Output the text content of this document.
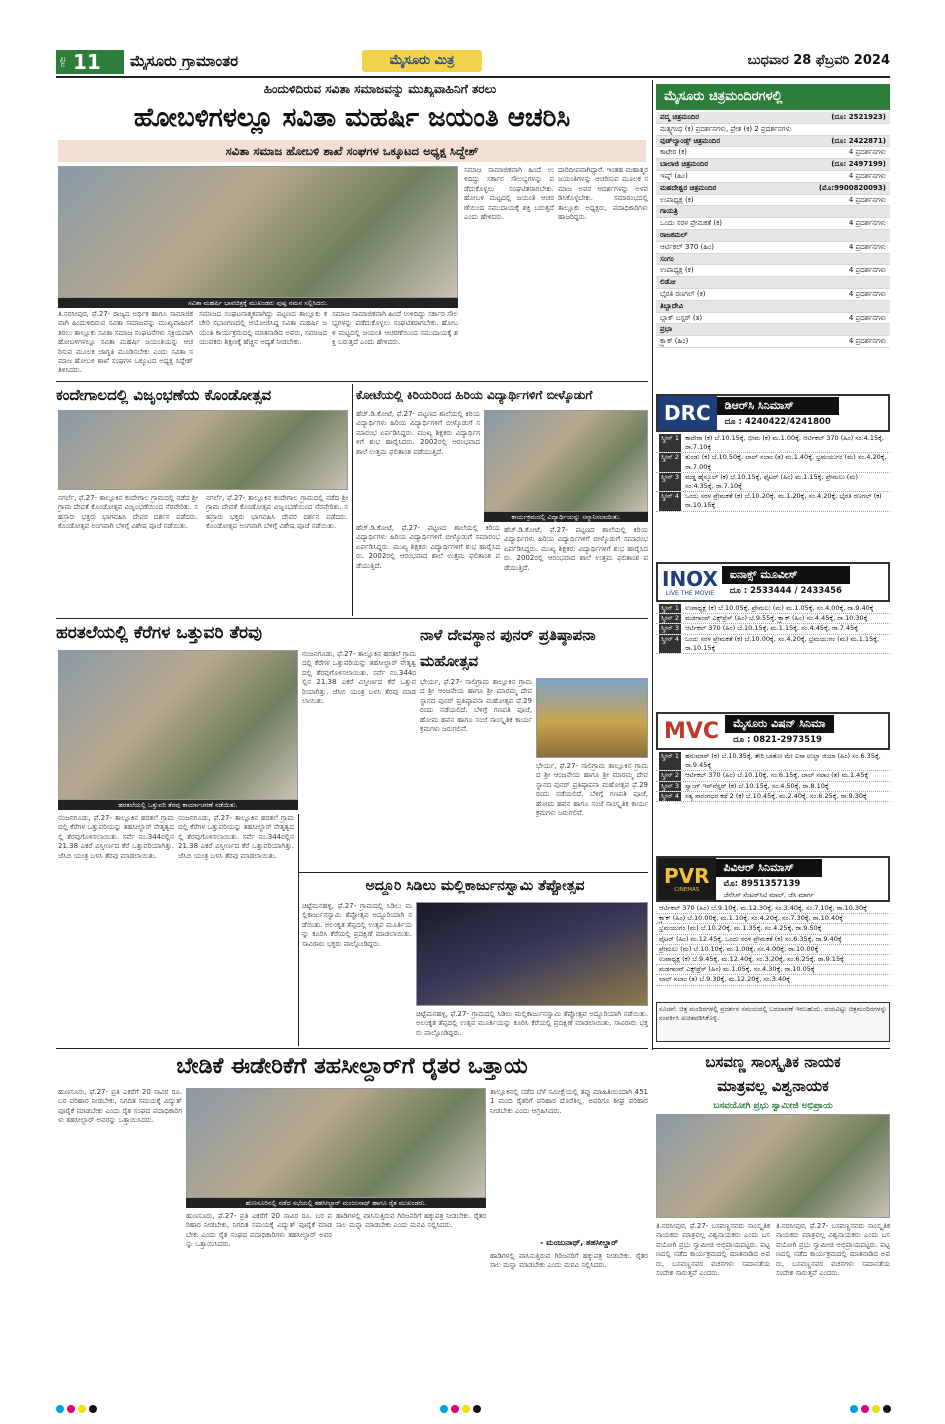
ಪುಟ 11 ಮೈಸೂರು ಗ್ರಾಮಾಂತರ	ಮೈಸೂರು ಮಿತ್ರ	ಬುಧವಾರ 28 ಫೆಬ್ರವರಿ 2024
ಹಿಂದುಳಿದಿರುವ ಸವಿತಾ ಸಮಾಜವನ್ನು ಮುಖ್ಯವಾಹಿನಿಗೆ ತರಲು
ಹೋಬಳಿಗಳಲ್ಲೂ ಸವಿತಾ ಮಹರ್ಷಿ ಜಯಂತಿ ಆಚರಿಸಿ
ಸವಿತಾ ಸಮಾಜ ಹೋಬಳಿ ಶಾಖೆ ಸಂಘಗಳ ಒಕ್ಕೂಟದ ಅಧ್ಯಕ್ಷ ಸಿದ್ದೇಶ್
ಸವಿತಾ ಮಹರ್ಷಿ ಭಾವಚಿತ್ರಕ್ಕೆ ಮುಖಂಡರು ಪುಷ್ಪ ನಮನ ಸಲ್ಲಿಸಿದರು.
ತಿ.ನರಸೀಪುರ, ಫೆ.27- ರಾಜ್ಯದ ಅರ್ಥಿಕ ಹಾಗೂ ಸಾಮಾಜಿಕವಾಗಿ ಹಿಂದುಳಿದಿರುವ ಸವಿತಾ ಸಮಾಜವನ್ನು ಮುಖ್ಯವಾಹಿನಿಗೆ ತರಲು ತಾಲ್ಲೂಕು ಸವಿತಾ ಸಮಾಜ ಸಂಘಟನೆಗಳು ಸಕ್ರಿಯವಾಗಿ ಹೋಬಳಿಗಳಲ್ಲೂ ಸವಿತಾ ಮಹರ್ಷಿ ಜಯಂತಿಯನ್ನು ಆಚರಿಸುವ ಮೂಲಕ ಜಾಗೃತಿ ಮೂಡಿಸಬೇಕು ಎಂದು ಸವಿತಾ ಸಮಾಜ ಹೋಬಳಿ ಶಾಖೆ ಸಂಘಗಳ ಒಕ್ಕೂಟದ ಅಧ್ಯಕ್ಷ ಸಿದ್ದೇಶ್ ತಿಳಿಸಿದರು.
ಸಮಾಜದ ಸಂಘಟನಾತ್ಮಕವಾಗಿದ್ದು ಪಟ್ಟಣದ ತಾಲ್ಲೂಕು ಕಚೇರಿ ಸಭಾಂಗಣದಲ್ಲಿ ಆಯೋಜಿಸಿದ್ದ ಸವಿತಾ ಮಹರ್ಷಿ ಜಯಂತಿ ಕಾರ್ಯಕ್ರಮದಲ್ಲಿ ಮಾತನಾಡಿದ ಅವರು, ಸಮಾಜದ ಯುವಕರು ಶಿಕ್ಷಣಕ್ಕೆ ಹೆಚ್ಚಿನ ಆದ್ಯತೆ ನೀಡಬೇಕು.
ಸಮಾಜ ಸಾಮಾಜಿಕವಾಗಿ ಹಿಂದೆ ಉಳಿದಿದ್ದು ಸರ್ಕಾರ ಸೌಲಭ್ಯಗಳನ್ನು ಪಡೆದುಕೊಳ್ಳಲು ಸಂಘಟಿತರಾಗಬೇಕು. ಹೋಬಳಿ ಮಟ್ಟದಲ್ಲಿ ಜಯಂತಿ ಆಚರಣೆಯಿಂದ ಸಮುದಾಯಕ್ಕೆ ಶಕ್ತಿ ಬರುತ್ತದೆ ಎಂದು ಹೇಳಿದರು.
ಸಮಾಜ ಸಾಮಾಜಿಕವಾಗಿ ಹಿಂದೆ ಉಳಿದಿದ್ದು ಸರ್ಕಾರ ಸೌಲಭ್ಯಗಳನ್ನು ಪಡೆದುಕೊಳ್ಳಲು ಸಂಘಟಿತರಾಗಬೇಕು. ಹೋಬಳಿ ಮಟ್ಟದಲ್ಲಿ ಜಯಂತಿ ಆಚರಣೆಯಿಂದ ಸಮುದಾಯಕ್ಕೆ ಶಕ್ತಿ ಬರುತ್ತದೆ ಎಂದು ಹೇಳಿದರು.
ದಾರಿದೀಪವಾಗಿದ್ದಾರೆ. ಇಂತಹ ಮಹಾತ್ಮರ ಜಯಂತಿಗಳನ್ನು ಆಚರಿಸುವ ಮೂಲಕ ಸಮಾಜ ಅವರ ಆದರ್ಶಗಳನ್ನು ಅಳವಡಿಸಿಕೊಳ್ಳಬೇಕು. ಸಮಾರಂಭದಲ್ಲಿ ತಾಲ್ಲೂಕು ಅಧ್ಯಕ್ಷರು, ಪದಾಧಿಕಾರಿಗಳು ಹಾಜರಿದ್ದರು.
ಕಂದೇಗಾಲದಲ್ಲಿ ವಿಜೃಂಭಣೆಯ ಕೊಂಡೋತ್ಸವ
ನಗರ್ಲೆ, ಫೆ.27- ತಾಲ್ಲೂಕಿನ ಕಂದೇಗಾಲ ಗ್ರಾಮದಲ್ಲಿ ನಡೆದ ಶ್ರೀ ಗ್ರಾಮ ದೇವತೆ ಕೊಂಡೋತ್ಸವ ವಿಜೃಂಭಣೆಯಿಂದ ನೆರವೇರಿತು. ಸಹಸ್ರಾರು ಭಕ್ತರು ಭಾಗವಹಿಸಿ ದೇವರ ದರ್ಶನ ಪಡೆದರು. ಕೊಂಡೋತ್ಸವ ಅಂಗವಾಗಿ ಬೆಳಿಗ್ಗೆ ವಿಶೇಷ ಪೂಜೆ ನಡೆಯಿತು.
ನಗರ್ಲೆ, ಫೆ.27- ತಾಲ್ಲೂಕಿನ ಕಂದೇಗಾಲ ಗ್ರಾಮದಲ್ಲಿ ನಡೆದ ಶ್ರೀ ಗ್ರಾಮ ದೇವತೆ ಕೊಂಡೋತ್ಸವ ವಿಜೃಂಭಣೆಯಿಂದ ನೆರವೇರಿತು. ಸಹಸ್ರಾರು ಭಕ್ತರು ಭಾಗವಹಿಸಿ ದೇವರ ದರ್ಶನ ಪಡೆದರು. ಕೊಂಡೋತ್ಸವ ಅಂಗವಾಗಿ ಬೆಳಿಗ್ಗೆ ವಿಶೇಷ ಪೂಜೆ ನಡೆಯಿತು.
ಕೋಟೆಯಲ್ಲಿ ಕಿರಿಯರಿಂದ ಹಿರಿಯ ವಿದ್ಯಾರ್ಥಿಗಳಿಗೆ ಬೀಳ್ಕೊಡುಗೆ
ಹೆಚ್.ಡಿ.ಕೋಟೆ, ಫೆ.27- ಪಟ್ಟಣದ ಶಾಲೆಯಲ್ಲಿ ಕಿರಿಯ ವಿದ್ಯಾರ್ಥಿಗಳು ಹಿರಿಯ ವಿದ್ಯಾರ್ಥಿಗಳಿಗೆ ಬೀಳ್ಕೊಡುಗೆ ಸಮಾರಂಭ ಏರ್ಪಡಿಸಿದ್ದರು. ಮುಖ್ಯ ಶಿಕ್ಷಕರು ವಿದ್ಯಾರ್ಥಿಗಳಿಗೆ ಶುಭ ಹಾರೈಸಿದರು. 2002ರಲ್ಲಿ ಆರಂಭವಾದ ಶಾಲೆ ಉತ್ತಮ ಫಲಿತಾಂಶ ಪಡೆಯುತ್ತಿದೆ.
ಕಾರ್ಯಕ್ರಮದಲ್ಲಿ ವಿದ್ಯಾರ್ಥಿಯನ್ನು ಸನ್ಮಾನಿಸಲಾಯಿತು.
ಹೆಚ್.ಡಿ.ಕೋಟೆ, ಫೆ.27- ಪಟ್ಟಣದ ಶಾಲೆಯಲ್ಲಿ ಕಿರಿಯ ವಿದ್ಯಾರ್ಥಿಗಳು ಹಿರಿಯ ವಿದ್ಯಾರ್ಥಿಗಳಿಗೆ ಬೀಳ್ಕೊಡುಗೆ ಸಮಾರಂಭ ಏರ್ಪಡಿಸಿದ್ದರು. ಮುಖ್ಯ ಶಿಕ್ಷಕರು ವಿದ್ಯಾರ್ಥಿಗಳಿಗೆ ಶುಭ ಹಾರೈಸಿದರು. 2002ರಲ್ಲಿ ಆರಂಭವಾದ ಶಾಲೆ ಉತ್ತಮ ಫಲಿತಾಂಶ ಪಡೆಯುತ್ತಿದೆ.
ಹೆಚ್.ಡಿ.ಕೋಟೆ, ಫೆ.27- ಪಟ್ಟಣದ ಶಾಲೆಯಲ್ಲಿ ಕಿರಿಯ ವಿದ್ಯಾರ್ಥಿಗಳು ಹಿರಿಯ ವಿದ್ಯಾರ್ಥಿಗಳಿಗೆ ಬೀಳ್ಕೊಡುಗೆ ಸಮಾರಂಭ ಏರ್ಪಡಿಸಿದ್ದರು. ಮುಖ್ಯ ಶಿಕ್ಷಕರು ವಿದ್ಯಾರ್ಥಿಗಳಿಗೆ ಶುಭ ಹಾರೈಸಿದರು. 2002ರಲ್ಲಿ ಆರಂಭವಾದ ಶಾಲೆ ಉತ್ತಮ ಫಲಿತಾಂಶ ಪಡೆಯುತ್ತಿದೆ.
ಹರತಲೆಯಲ್ಲಿ ಕೆರೆಗಳ ಒತ್ತುವರಿ ತೆರವು
ಹರತಲೆಯಲ್ಲಿ ಒತ್ತುವರಿ ತೆರವು ಕಾರ್ಯಾಚರಣೆ ನಡೆಯಿತು.
ನಂಜನಗೂಡು, ಫೆ.27- ತಾಲ್ಲೂಕಿನ ಹರತಲೆ ಗ್ರಾಮದಲ್ಲಿ ಕೆರೆಗಳ ಒತ್ತುವರಿಯನ್ನು ತಹಸೀಲ್ದಾರ್ ನೇತೃತ್ವದಲ್ಲಿ ತೆರವುಗೊಳಿಸಲಾಯಿತು. ಸರ್ವೆ ನಂ.344ರಲ್ಲಿನ 21.38 ಎಕರೆ ವಿಸ್ತೀರ್ಣದ ಕೆರೆ ಒತ್ತುವರಿಯಾಗಿತ್ತು. ಜೆಸಿಬಿ ಯಂತ್ರ ಬಳಸಿ ತೆರವು ಮಾಡಲಾಯಿತು.
ನಂಜನಗೂಡು, ಫೆ.27- ತಾಲ್ಲೂಕಿನ ಹರತಲೆ ಗ್ರಾಮದಲ್ಲಿ ಕೆರೆಗಳ ಒತ್ತುವರಿಯನ್ನು ತಹಸೀಲ್ದಾರ್ ನೇತೃತ್ವದಲ್ಲಿ ತೆರವುಗೊಳಿಸಲಾಯಿತು. ಸರ್ವೆ ನಂ.344ರಲ್ಲಿನ 21.38 ಎಕರೆ ವಿಸ್ತೀರ್ಣದ ಕೆರೆ ಒತ್ತುವರಿಯಾಗಿತ್ತು. ಜೆಸಿಬಿ ಯಂತ್ರ ಬಳಸಿ ತೆರವು ಮಾಡಲಾಯಿತು.
ನಂಜನಗೂಡು, ಫೆ.27- ತಾಲ್ಲೂಕಿನ ಹರತಲೆ ಗ್ರಾಮದಲ್ಲಿ ಕೆರೆಗಳ ಒತ್ತುವರಿಯನ್ನು ತಹಸೀಲ್ದಾರ್ ನೇತೃತ್ವದಲ್ಲಿ ತೆರವುಗೊಳಿಸಲಾಯಿತು. ಸರ್ವೆ ನಂ.344ರಲ್ಲಿನ 21.38 ಎಕರೆ ವಿಸ್ತೀರ್ಣದ ಕೆರೆ ಒತ್ತುವರಿಯಾಗಿತ್ತು. ಜೆಸಿಬಿ ಯಂತ್ರ ಬಳಸಿ ತೆರವು ಮಾಡಲಾಯಿತು.
ನಾಳೆ ದೇವಸ್ಥಾನ ಪುನರ್ ಪ್ರತಿಷ್ಠಾಪನಾ ಮಹೋತ್ಸವ
ಭೇರ್ಯ, ಫೆ.27- ಸಾಲಿಗ್ರಾಮ ತಾಲ್ಲೂಕಿನ ಗ್ರಾಮದ ಶ್ರೀ ಆಂಜನೇಯ ಹಾಗೂ ಶ್ರೀ ಮಾರಮ್ಮ ದೇವಸ್ಥಾನದ ಪುನರ್ ಪ್ರತಿಷ್ಠಾಪನಾ ಮಹೋತ್ಸವ ಫೆ.29ರಂದು ನಡೆಯಲಿದೆ. ಬೆಳಿಗ್ಗೆ ಗಣಪತಿ ಪೂಜೆ, ಹೋಮ ಹವನ ಹಾಗೂ ಸಂಜೆ ಸಾಂಸ್ಕೃತಿಕ ಕಾರ್ಯಕ್ರಮಗಳು ಜರುಗಲಿವೆ.
ಭೇರ್ಯ, ಫೆ.27- ಸಾಲಿಗ್ರಾಮ ತಾಲ್ಲೂಕಿನ ಗ್ರಾಮದ ಶ್ರೀ ಆಂಜನೇಯ ಹಾಗೂ ಶ್ರೀ ಮಾರಮ್ಮ ದೇವಸ್ಥಾನದ ಪುನರ್ ಪ್ರತಿಷ್ಠಾಪನಾ ಮಹೋತ್ಸವ ಫೆ.29ರಂದು ನಡೆಯಲಿದೆ. ಬೆಳಿಗ್ಗೆ ಗಣಪತಿ ಪೂಜೆ, ಹೋಮ ಹವನ ಹಾಗೂ ಸಂಜೆ ಸಾಂಸ್ಕೃತಿಕ ಕಾರ್ಯಕ್ರಮಗಳು ಜರುಗಲಿವೆ.
ಅದ್ದೂರಿ ಸಿಡಿಲು ಮಲ್ಲಿಕಾರ್ಜುನಸ್ವಾಮಿ ತೆಪ್ಪೋತ್ಸವ
ಚಿಟ್ಟೆಮನಹಳ್ಳಿ, ಫೆ.27- ಗ್ರಾಮದಲ್ಲಿ ಸಿಡಿಲು ಮಲ್ಲಿಕಾರ್ಜುನಸ್ವಾಮಿ ತೆಪ್ಪೋತ್ಸವ ಅದ್ದೂರಿಯಾಗಿ ನಡೆಯಿತು. ಅಲಂಕೃತ ತೆಪ್ಪದಲ್ಲಿ ಉತ್ಸವ ಮೂರ್ತಿಯನ್ನು ಕೂರಿಸಿ ಕೆರೆಯಲ್ಲಿ ಪ್ರದಕ್ಷಿಣೆ ಮಾಡಲಾಯಿತು. ಸಾವಿರಾರು ಭಕ್ತರು ಪಾಲ್ಗೊಂಡಿದ್ದರು.
ಚಿಟ್ಟೆಮನಹಳ್ಳಿ, ಫೆ.27- ಗ್ರಾಮದಲ್ಲಿ ಸಿಡಿಲು ಮಲ್ಲಿಕಾರ್ಜುನಸ್ವಾಮಿ ತೆಪ್ಪೋತ್ಸವ ಅದ್ದೂರಿಯಾಗಿ ನಡೆಯಿತು. ಅಲಂಕೃತ ತೆಪ್ಪದಲ್ಲಿ ಉತ್ಸವ ಮೂರ್ತಿಯನ್ನು ಕೂರಿಸಿ ಕೆರೆಯಲ್ಲಿ ಪ್ರದಕ್ಷಿಣೆ ಮಾಡಲಾಯಿತು. ಸಾವಿರಾರು ಭಕ್ತರು ಪಾಲ್ಗೊಂಡಿದ್ದರು.
ಬೇಡಿಕೆ ಈಡೇರಿಕೆಗೆ ತಹಸೀಲ್ದಾರ್‌ಗೆ ರೈತರ ಒತ್ತಾಯ
ಹುಣಸೂರು, ಫೆ.27- ಪ್ರತಿ ಎಕರೆಗೆ 20 ಸಾವಿರ ರೂ. ಬರ ಪರಿಹಾರ ನೀಡಬೇಕು, ನಿಗದಿತ ಸಮಯಕ್ಕೆ ವಿದ್ಯುತ್ ಪೂರೈಕೆ ಮಾಡಬೇಕು ಎಂದು ರೈತ ಸಂಘದ ಪದಾಧಿಕಾರಿಗಳು ತಹಸೀಲ್ದಾರ್ ಅವರನ್ನು ಒತ್ತಾಯಿಸಿದರು.
ಹುಣಸೂರಿನಲ್ಲಿ ನಡೆದ ಸಭೆಯಲ್ಲಿ ತಹಸೀಲ್ದಾರ್ ಮಂಜುನಾಥ್ ಹಾಗೂ ರೈತ ಮುಖಂಡರು.
ತಾಲ್ಲೂಕಿನಲ್ಲಿ ನಡೆದ ಬೆಳೆ ಸಮೀಕ್ಷೆಯಲ್ಲಿ ತಪ್ಪು ಮಾಹಿತಿಯಿಂದಾಗಿ 4511 ಮಂದಿ ರೈತರಿಗೆ ಪರಿಹಾರ ದೊರೆತಿಲ್ಲ. ಅವರಿಗೂ ಶೀಘ್ರ ಪರಿಹಾರ ನೀಡಬೇಕು ಎಂದು ಆಗ್ರಹಿಸಿದರು.
- ಮಂಜುನಾಥ್, ತಹಸೀಲ್ದಾರ್
ಹುಣಸೂರು, ಫೆ.27- ಪ್ರತಿ ಎಕರೆಗೆ 20 ಸಾವಿರ ರೂ. ಬರ ಪರಿಹಾರ ನೀಡಬೇಕು, ನಿಗದಿತ ಸಮಯಕ್ಕೆ ವಿದ್ಯುತ್ ಪೂರೈಕೆ ಮಾಡಬೇಕು ಎಂದು ರೈತ ಸಂಘದ ಪದಾಧಿಕಾರಿಗಳು ತಹಸೀಲ್ದಾರ್ ಅವರನ್ನು ಒತ್ತಾಯಿಸಿದರು.
ಹಾಡಿಗಳಲ್ಲಿ ವಾಸಿಸುತ್ತಿರುವ ಗಿರಿಜನರಿಗೆ ಹಕ್ಕುಪತ್ರ ನೀಡಬೇಕು. ರೈತರ ಸಾಲ ಮನ್ನಾ ಮಾಡಬೇಕು ಎಂದು ಮನವಿ ಸಲ್ಲಿಸಿದರು.
ಹಾಡಿಗಳಲ್ಲಿ ವಾಸಿಸುತ್ತಿರುವ ಗಿರಿಜನರಿಗೆ ಹಕ್ಕುಪತ್ರ ನೀಡಬೇಕು. ರೈತರ ಸಾಲ ಮನ್ನಾ ಮಾಡಬೇಕು ಎಂದು ಮನವಿ ಸಲ್ಲಿಸಿದರು.
ಮೈಸೂರು ಚಿತ್ರಮಂದಿರಗಳಲ್ಲಿ
ಪದ್ಮ ಚಿತ್ರಮಂದಿರ	(ದೂ: 2521923)
ಮತ್ಸ್ಯಗಂಧ (ಕ) ಪ್ರದರ್ಶನಗಳು, ಪ್ರೇತ (ಕ) 2 ಪ್ರದರ್ಶನಗಳು
ವುಡ್‌ಲ್ಯಾಂಡ್ಸ್ ಚಿತ್ರಮಂದಿರ	(ದೂ: 2422871)
ಕಾಟೇರ (ಕ)	4 ಪ್ರದರ್ಶನಗಳು
ಬಾಲಾಜಿ ಚಿತ್ರಮಂದಿರ	(ದೂ: 2497199)
ಇಷ್ಕ್ (ಹಿಂ)	4 ಪ್ರದರ್ಶನಗಳು
ಮಹದೇಶ್ವರ ಚಿತ್ರಮಂದಿರ	(ಮೊ:9900820093)
ಉಪಾಧ್ಯಕ್ಷ (ಕ)	4 ಪ್ರದರ್ಶನಗಳು
ಗಾಯತ್ರಿ
ಒಂದು ಸರಳ ಪ್ರೇಮಕತೆ (ಕ)	4 ಪ್ರದರ್ಶನಗಳು
ರಾಜಕಮಲ್
ಆರ್ಟಿಕಲ್ 370 (ಹಿಂ)	4 ಪ್ರದರ್ಶನಗಳು
ಸಂಗಂ
ಉಪಾಧ್ಯಕ್ಷ (ಕ)	4 ಪ್ರದರ್ಶನಗಳು
ಲಿಡೋ
ಭೈರತಿ ರಣಗಲ್ (ಕ)	4 ಪ್ರದರ್ಶನಗಳು
ತಿಬ್ಬಾದೇವಿ
ಬ್ಲಾಕ್ ಬಸ್ಟರ್ (ತ)	4 ಪ್ರದರ್ಶನಗಳು
ಪ್ರಭಾ
ಕ್ರ್ಯಾಕ್ (ಹಿಂ)	4 ಪ್ರದರ್ಶನಗಳು
DRC	ಡಿಆರ್‌ಸಿ ಸಿನಿಮಾಸ್
ದೂ : 4240422/4241800
ಸ್ಕ್ರೀನ್ 1 ಕಾಟೇರಾ (ಕ) ಬೆ.10.15ಕ್ಕೆ, ಭೀಮ (ಕ) ಮ.1.00ಕ್ಕೆ, ಆರ್ಟಿಕಲ್ 370 (ಹಿಂ) ಸಂ.4.15ಕ್ಕೆ, ರಾ.7.10ಕ್ಕೆ
ಸ್ಕ್ರೀನ್ 2 ತುಂಡು (ಕ) ಬೆ.10.50ಕ್ಕೆ, ಲಾಲ್ ಸಲಾಂ (ತ) ಮ.1.40ಕ್ಕೆ, ಭ್ರಮಯುಗಂ (ಮ) ಸಂ.4.20ಕ್ಕೆ, ರಾ.7.00ಕ್ಕೆ
ಸ್ಕ್ರೀನ್ 3 ಮಡ್ಡ ಹೈಸ್ಕೂಲ್ (ಕ) ಬೆ.10.15ಕ್ಕೆ, ಫೈಟರ್ (ಹಿಂ) ಮ.1.15ಕ್ಕೆ, ಪ್ರೇಮಲು (ಮ) ಸಂ.4.35ಕ್ಕೆ, ರಾ.7.10ಕ್ಕೆ
ಸ್ಕ್ರೀನ್ 4 ಒಂದು ಸರಳ ಪ್ರೇಮಕತೆ (ಕ) ಬೆ.10.20ಕ್ಕೆ, ಮ.1.20ಕ್ಕೆ, ಸಂ.4.20ಕ್ಕೆ, ಭೈರತಿ ರಣಗಲ್ (ಕ) ರಾ.10.15ಕ್ಕೆ
INOX
LIVE THE MOVIE
ಐನಾಕ್ಸ್ ಮೂವೀಸ್
ದೂ : 2533444 / 2433456
ಸ್ಕ್ರೀನ್ 1 ಉಪಾಧ್ಯಕ್ಷ (ಕ) ಬೆ.10.05ಕ್ಕೆ, ಪ್ರೇಮಲು (ಮ) ಮ.1.05ಕ್ಕೆ, ಸಂ.4.00ಕ್ಕೆ, ರಾ.9.40ಕ್ಕೆ
ಸ್ಕ್ರೀನ್ 2 ಮಡಗಾಂವ್ ಎಕ್ಸ್‌ಪ್ರೆಸ್ (ಹಿಂ) ಬೆ.9.55ಕ್ಕೆ, ಕ್ರ್ಯಾಕ್ (ಹಿಂ) ಸಂ.4.45ಕ್ಕೆ, ರಾ.10.30ಕ್ಕೆ
ಸ್ಕ್ರೀನ್ 3 ಆರ್ಟಿಕಲ್ 370 (ಹಿಂ) ಬೆ.10.15ಕ್ಕೆ, ಮ.1.15ಕ್ಕೆ, ಸಂ.4.45ಕ್ಕೆ, ರಾ.7.45ಕ್ಕೆ
ಸ್ಕ್ರೀನ್ 4 ಒಂದು ಸರಳ ಪ್ರೇಮಕತೆ (ಕ) ಬೆ.10.00ಕ್ಕೆ, ಸಂ.4.20ಕ್ಕೆ, ಭ್ರಮಯುಗಂ (ಮ) ಮ.1.15ಕ್ಕೆ, ರಾ.10.15ಕ್ಕೆ
MVC	ಮೈಸೂರು ವಿಷನ್ ಸಿನಿಮಾ
ದೂ : 0821-2973519
ಸ್ಕ್ರೀನ್ 1 ಹನುಮಾನ್ (ಕ) ಬೆ.10.35ಕ್ಕೆ, ತೇರಿ ಬಾತೋ ಮೇ ಐಸಾ ಉಲ್ಜಾ ಜಿಯಾ (ಹಿಂ) ಸಂ.6.35ಕ್ಕೆ, ರಾ.9.45ಕ್ಕೆ
ಸ್ಕ್ರೀನ್ 2 ಆರ್ಟಿಕಲ್ 370 (ಹಿಂ) ಬೆ.10.10ಕ್ಕೆ, ಸಂ.6.15ಕ್ಕೆ, ಲಾಲ್ ಸಲಾಂ (ತ) ಮ.1.45ಕ್ಕೆ
ಸ್ಕ್ರೀನ್ 3 ಸ್ವಾಂಗ್ ಇನ್‌ವೆಸ್ಟರ್ (ಕ) ಬೆ.10.15ಕ್ಕೆ, ಸಂ.4.50ಕ್ಕೆ, ರಾ.8.10ಕ್ಕೆ
ಸ್ಕ್ರೀನ್ 4 ಸತ್ಯ ಸಾರಂಗಧರ ಕಥೆ 2 (ಕ) ಬೆ.10.45ಕ್ಕೆ, ಮ.2.40ಕ್ಕೆ, ಸಂ.6.25ಕ್ಕೆ, ರಾ.9.30ಕ್ಕೆ
PVR
CINEMAS
ಪಿವಿಆರ್ ಸಿನಿಮಾಸ್
ಮೊ: 8951357139
ಜೆನೆಸಿಸ್ ಸೆಂಟರ್‌ಸಿಟಿ ಮಾಲ್, ಜೆಸಿ ಮಾರ್ಗ
ಆರ್ಟಿಕಲ್ 370 (ಹಿಂ) ಬೆ.9.10ಕ್ಕೆ, ಮ.12.30ಕ್ಕೆ, ಸಂ.3.40ಕ್ಕೆ, ಸಂ.7.10ಕ್ಕೆ, ರಾ.10.30ಕ್ಕೆ
ಕ್ರ್ಯಾಕ್ (ಹಿಂ) ಬೆ.10.00ಕ್ಕೆ, ಮ.1.10ಕ್ಕೆ, ಸಂ.4.20ಕ್ಕೆ, ಸಂ.7.30ಕ್ಕೆ, ರಾ.10.40ಕ್ಕೆ
ಭ್ರಮಯುಗಂ (ಮ) ಬೆ.10.20ಕ್ಕೆ, ಮ.1.35ಕ್ಕೆ, ಸಂ.4.25ಕ್ಕೆ, ರಾ.9.50ಕ್ಕೆ
ಫೈಟರ್ (ಹಿಂ) ಮ.12.45ಕ್ಕೆ, ಒಂದು ಸರಳ ಪ್ರೇಮಕತೆ (ಕ) ಸಂ.6.35ಕ್ಕೆ, ರಾ.9.40ಕ್ಕೆ
ಪ್ರೇಮಲು (ಮ) ಬೆ.10.10ಕ್ಕೆ, ಮ.1.00ಕ್ಕೆ, ಸಂ.4.00ಕ್ಕೆ, ರಾ.10.00ಕ್ಕೆ
ಉಪಾಧ್ಯಕ್ಷ (ಕ) ಬೆ.9.45ಕ್ಕೆ, ಮ.12.40ಕ್ಕೆ, ಸಂ.3.20ಕ್ಕೆ, ಸಂ.6.25ಕ್ಕೆ, ರಾ.9.15ಕ್ಕೆ
ಮಡಗಾಂವ್ ಎಕ್ಸ್‌ಪ್ರೆಸ್ (ಹಿಂ) ಮ.1.05ಕ್ಕೆ, ಸಂ.4.30ಕ್ಕೆ, ರಾ.10.05ಕ್ಕೆ
ಲಾಲ್ ಸಲಾಂ (ತ) ಬೆ.9.30ಕ್ಕೆ, ಮ.12.20ಕ್ಕೆ, ಸಂ.3.40ಕ್ಕೆ
ಸೂಚನೆ: ಚಿತ್ರ ಮಂದಿರಗಳಲ್ಲಿ ಪ್ರದರ್ಶನ ಸಮಯದಲ್ಲಿ ಬದಲಾವಣೆ ಇರಬಹುದು. ದಯವಿಟ್ಟು ಚಿತ್ರಮಂದಿರಗಳನ್ನು ಸಂಪರ್ಕಿಸಿ ಖಚಿತಪಡಿಸಿಕೊಳ್ಳಿ.
ಬಸವಣ್ಣ ಸಾಂಸ್ಕೃತಿಕ ನಾಯಕ
ಮಾತ್ರವಲ್ಲ ವಿಶ್ವನಾಯಕ
ಬಸವಯೋಗಿ ಪ್ರಭು ಸ್ವಾಮೀಜಿ ಅಭಿಪ್ರಾಯ
ತಿ.ನರಸೀಪುರ, ಫೆ.27- ಬಸವಣ್ಣನವರು ಸಾಂಸ್ಕೃತಿಕ ನಾಯಕರು ಮಾತ್ರವಲ್ಲ ವಿಶ್ವನಾಯಕರು ಎಂದು ಬಸವಯೋಗಿ ಪ್ರಭು ಸ್ವಾಮೀಜಿ ಅಭಿಪ್ರಾಯಪಟ್ಟರು. ಪಟ್ಟಣದಲ್ಲಿ ನಡೆದ ಕಾರ್ಯಕ್ರಮದಲ್ಲಿ ಮಾತನಾಡಿದ ಅವರು, ಬಸವಣ್ಣನವರ ವಚನಗಳು ಸಮಾನತೆಯ ಸಂದೇಶ ಸಾರುತ್ತವೆ ಎಂದರು.
ತಿ.ನರಸೀಪುರ, ಫೆ.27- ಬಸವಣ್ಣನವರು ಸಾಂಸ್ಕೃತಿಕ ನಾಯಕರು ಮಾತ್ರವಲ್ಲ ವಿಶ್ವನಾಯಕರು ಎಂದು ಬಸವಯೋಗಿ ಪ್ರಭು ಸ್ವಾಮೀಜಿ ಅಭಿಪ್ರಾಯಪಟ್ಟರು. ಪಟ್ಟಣದಲ್ಲಿ ನಡೆದ ಕಾರ್ಯಕ್ರಮದಲ್ಲಿ ಮಾತನಾಡಿದ ಅವರು, ಬಸವಣ್ಣನವರ ವಚನಗಳು ಸಮಾನತೆಯ ಸಂದೇಶ ಸಾರುತ್ತವೆ ಎಂದರು.
